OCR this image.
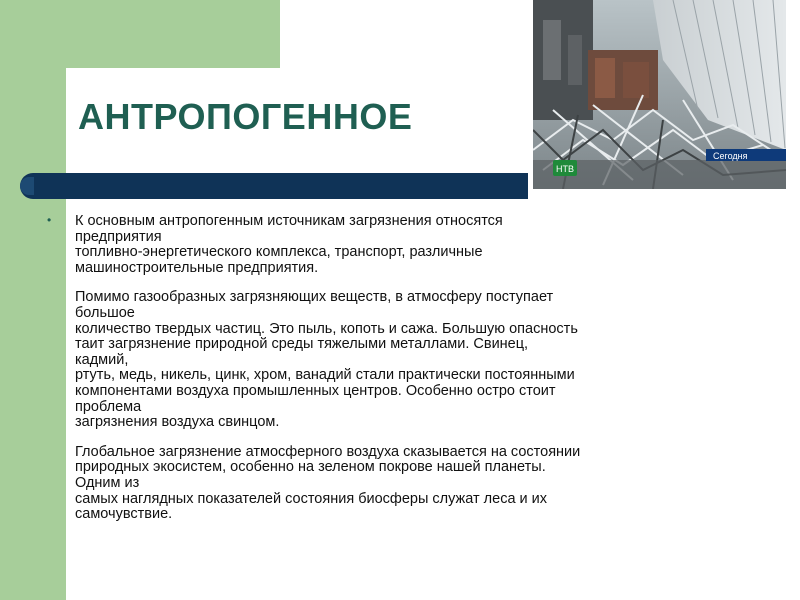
АНТРОПОГЕННОЕ
Сегодня
НТВ
• К основным антропогенным источникам загрязнения относятся
предприятия
топливно-энергетического комплекса, транспорт, различные
машиностроительные предприятия.

Помимо газообразных загрязняющих веществ, в атмосферу поступает
большое
количество твердых частиц. Это пыль, копоть и сажа. Большую опасность
таит загрязнение природной среды тяжелыми металлами. Свинец,
кадмий,
ртуть, медь, никель, цинк, хром, ванадий стали практически постоянными
компонентами воздуха промышленных центров. Особенно остро стоит
проблема
загрязнения воздуха свинцом.

Глобальное загрязнение атмосферного воздуха сказывается на состоянии
природных экосистем, особенно на зеленом покрове нашей планеты.
Одним из
самых наглядных показателей состояния биосферы служат леса и их
самочувствие.
